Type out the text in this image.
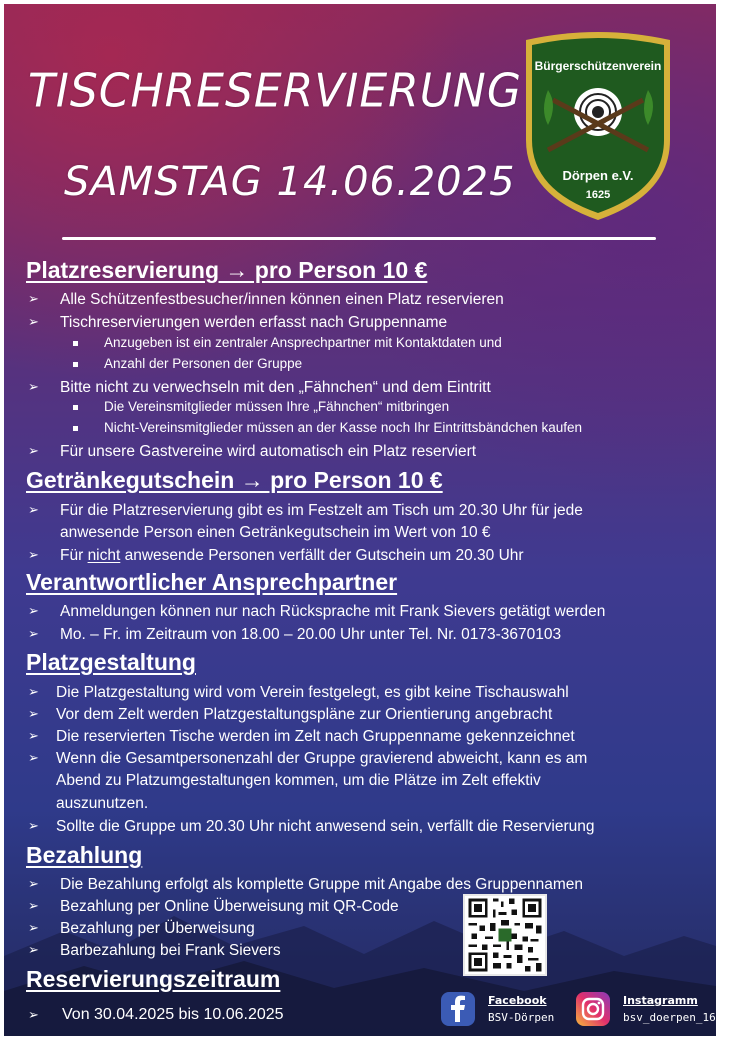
TISCHRESERVIERUNG
SAMSTAG 14.06.2025
Bürgerschützenverein
Dörpen e.V.
1625
Platzreservierung → pro Person 10 €
➢ Alle Schützenfestbesucher/innen können einen Platz reservieren
➢ Tischreservierungen werden erfasst nach Gruppenname
Anzugeben ist ein zentraler Ansprechpartner mit Kontaktdaten und
Anzahl der Personen der Gruppe
➢ Bitte nicht zu verwechseln mit den „Fähnchen“ und dem Eintritt
Die Vereinsmitglieder müssen Ihre „Fähnchen“ mitbringen
Nicht-Vereinsmitglieder müssen an der Kasse noch Ihr Eintrittsbändchen kaufen
➢ Für unsere Gastvereine wird automatisch ein Platz reserviert
Getränkegutschein → pro Person 10 €
➢ Für die Platzreservierung gibt es im Festzelt am Tisch um 20.30 Uhr für jede
anwesende Person einen Getränkegutschein im Wert von 10 €
➢ Für nicht anwesende Personen verfällt der Gutschein um 20.30 Uhr
Verantwortlicher Ansprechpartner
➢ Anmeldungen können nur nach Rücksprache mit Frank Sievers getätigt werden
➢ Mo. – Fr. im Zeitraum von 18.00 – 20.00 Uhr unter Tel. Nr. 0173-3670103
Platzgestaltung
➢ Die Platzgestaltung wird vom Verein festgelegt, es gibt keine Tischauswahl
➢ Vor dem Zelt werden Platzgestaltungspläne zur Orientierung angebracht
➢ Die reservierten Tische werden im Zelt nach Gruppenname gekennzeichnet
➢ Wenn die Gesamtpersonenzahl der Gruppe gravierend abweicht, kann es am
Abend zu Platzumgestaltungen kommen, um die Plätze im Zelt effektiv
auszunutzen.
➢ Sollte die Gruppe um 20.30 Uhr nicht anwesend sein, verfällt die Reservierung
Bezahlung
➢ Die Bezahlung erfolgt als komplette Gruppe mit Angabe des Gruppennamen
➢ Bezahlung per Online Überweisung mit QR-Code
➢ Bezahlung per Überweisung
➢ Barbezahlung bei Frank Sievers
Reservierungszeitraum
➢ Von 30.04.2025 bis 10.06.2025
Facebook
BSV-Dörpen
Instagramm
bsv_doerpen_1625
